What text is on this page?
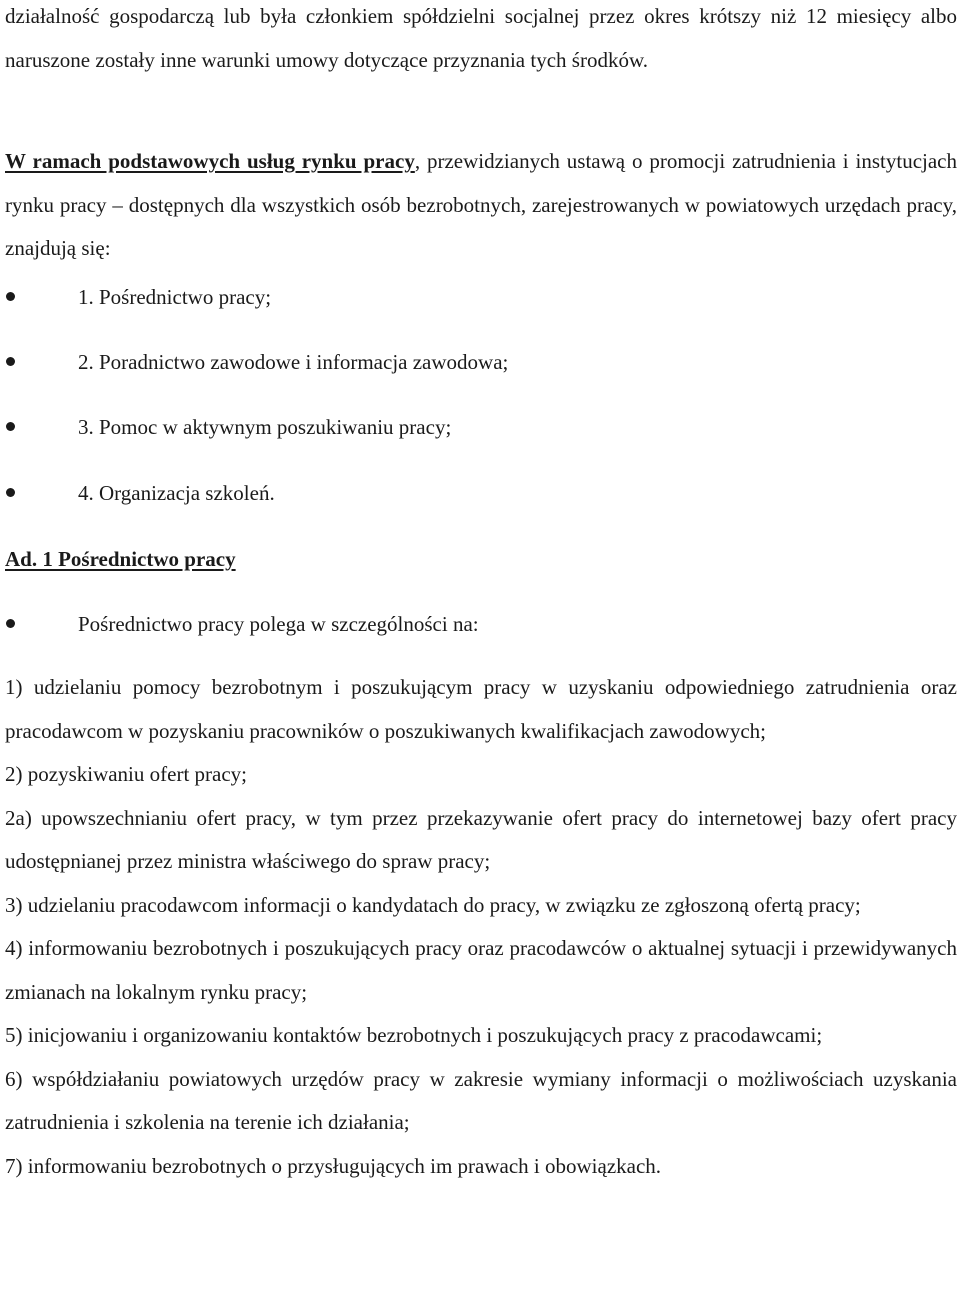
działalność gospodarczą lub była członkiem spółdzielni socjalnej przez okres krótszy niż 12 miesięcy albo naruszone zostały inne warunki umowy dotyczące przyznania tych środków.

W ramach podstawowych usług rynku pracy, przewidzianych ustawą o promocji zatrudnienia i instytucjach rynku pracy – dostępnych dla wszystkich osób bezrobotnych, zarejestrowanych w powiatowych urzędach pracy, znajdują się:

1. Pośrednictwo pracy;
2. Poradnictwo zawodowe i informacja zawodowa;
3. Pomoc w aktywnym poszukiwaniu pracy;
4. Organizacja szkoleń.

Ad. 1 Pośrednictwo pracy

Pośrednictwo pracy polega w szczególności na:

1) udzielaniu pomocy bezrobotnym i poszukującym pracy w uzyskaniu odpowiedniego zatrudnienia oraz pracodawcom w pozyskaniu pracowników o poszukiwanych kwalifikacjach zawodowych;

2) pozyskiwaniu ofert pracy;

2a) upowszechnianiu ofert pracy, w tym przez przekazywanie ofert pracy do internetowej bazy ofert pracy udostępnianej przez ministra właściwego do spraw pracy;

3) udzielaniu pracodawcom informacji o kandydatach do pracy, w związku ze zgłoszoną ofertą pracy;

4) informowaniu bezrobotnych i poszukujących pracy oraz pracodawców o aktualnej sytuacji i przewidywanych zmianach na lokalnym rynku pracy;

5) inicjowaniu i organizowaniu kontaktów bezrobotnych i poszukujących pracy z pracodawcami;

6) współdziałaniu powiatowych urzędów pracy w zakresie wymiany informacji o możliwościach uzyskania zatrudnienia i szkolenia na terenie ich działania;

7) informowaniu bezrobotnych o przysługujących im prawach i obowiązkach.
